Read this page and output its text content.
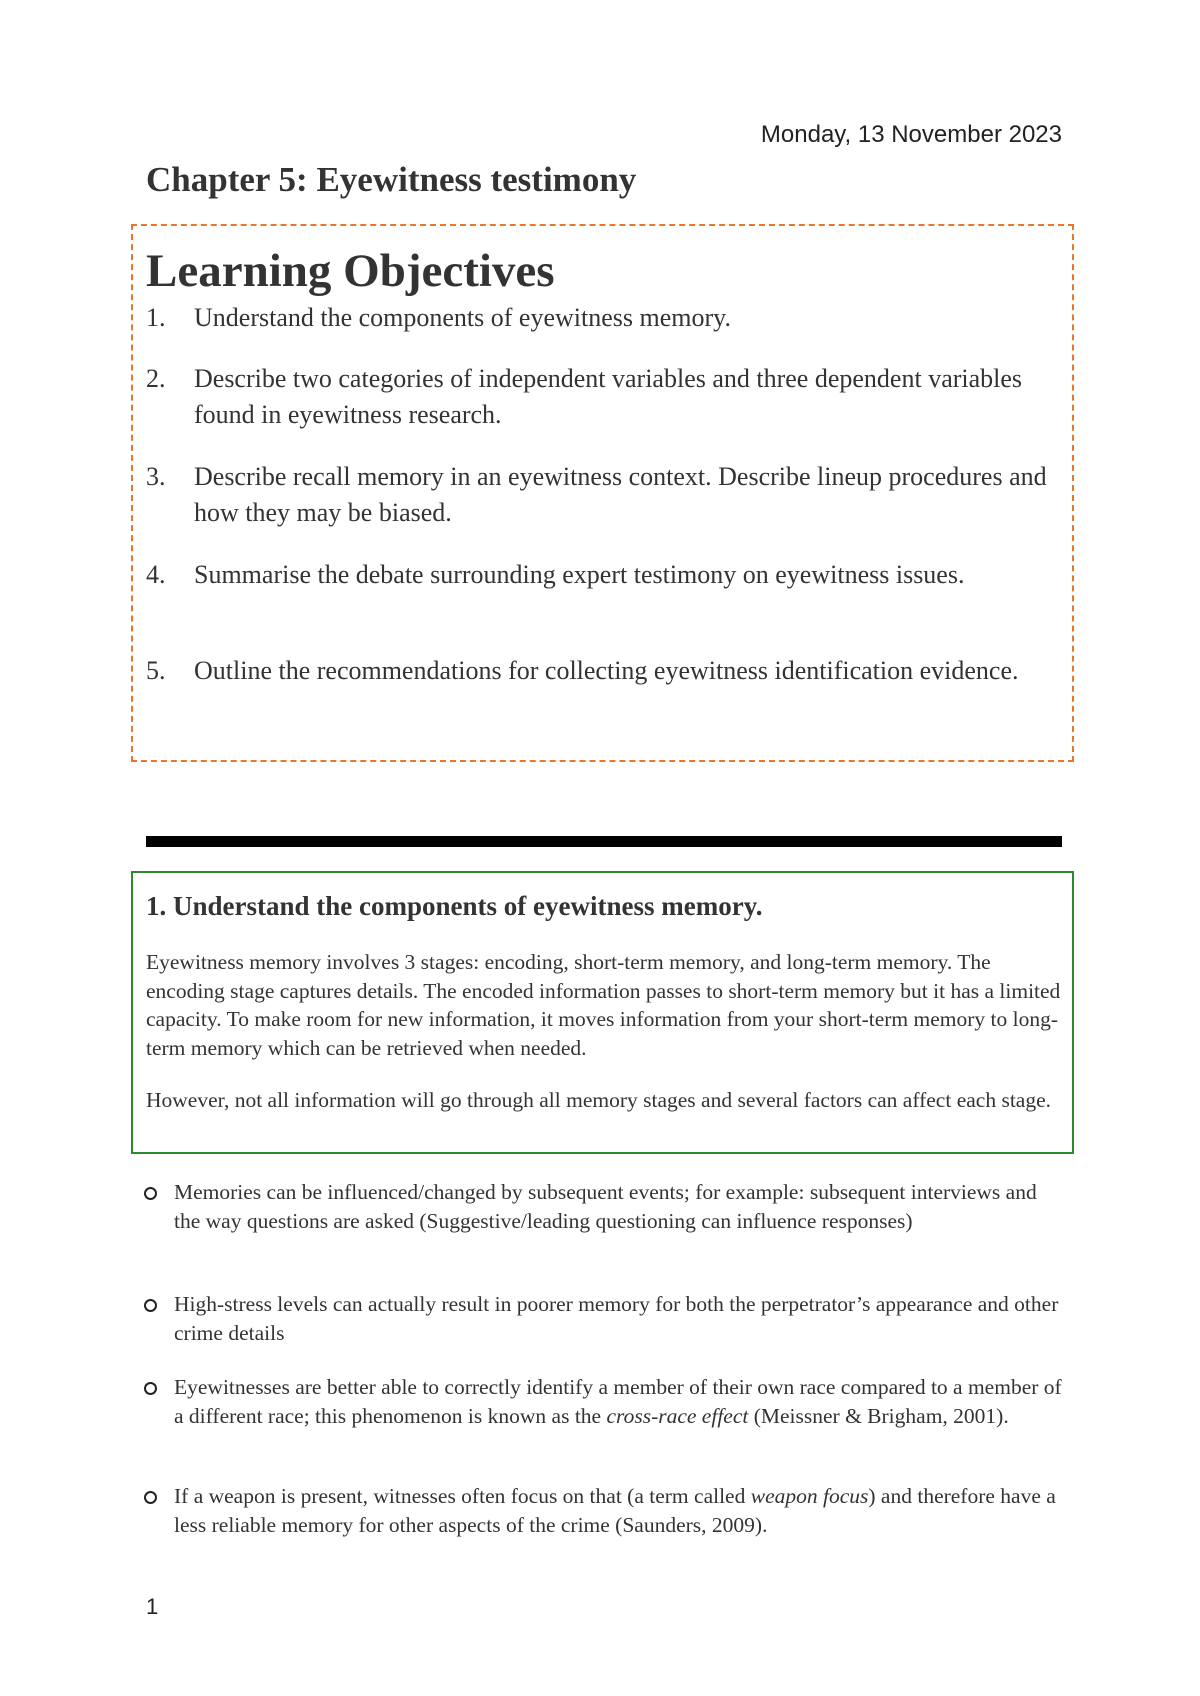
Monday, 13 November 2023
Chapter 5: Eyewitness testimony
Learning Objectives
1. Understand the components of eyewitness memory.
2. Describe two categories of independent variables and three dependent variables found in eyewitness research.
3. Describe recall memory in an eyewitness context. Describe lineup procedures and how they may be biased.
4. Summarise the debate surrounding expert testimony on eyewitness issues.
5. Outline the recommendations for collecting eyewitness identification evidence.
1. Understand the components of eyewitness memory.

Eyewitness memory involves 3 stages: encoding, short-term memory, and long-term memory. The encoding stage captures details. The encoded information passes to short-term memory but it has a limited capacity. To make room for new information, it moves information from your short-term memory to long-term memory which can be retrieved when needed.

However, not all information will go through all memory stages and several factors can affect each stage.

Memories can be influenced/changed by subsequent events; for example: subsequent interviews and the way questions are asked (Suggestive/leading questioning can influence responses)
High-stress levels can actually result in poorer memory for both the perpetrator’s appearance and other crime details
Eyewitnesses are better able to correctly identify a member of their own race compared to a member of a different race; this phenomenon is known as the cross-race effect (Meissner & Brigham, 2001).
If a weapon is present, witnesses often focus on that (a term called weapon focus) and therefore have a less reliable memory for other aspects of the crime (Saunders, 2009).
1
